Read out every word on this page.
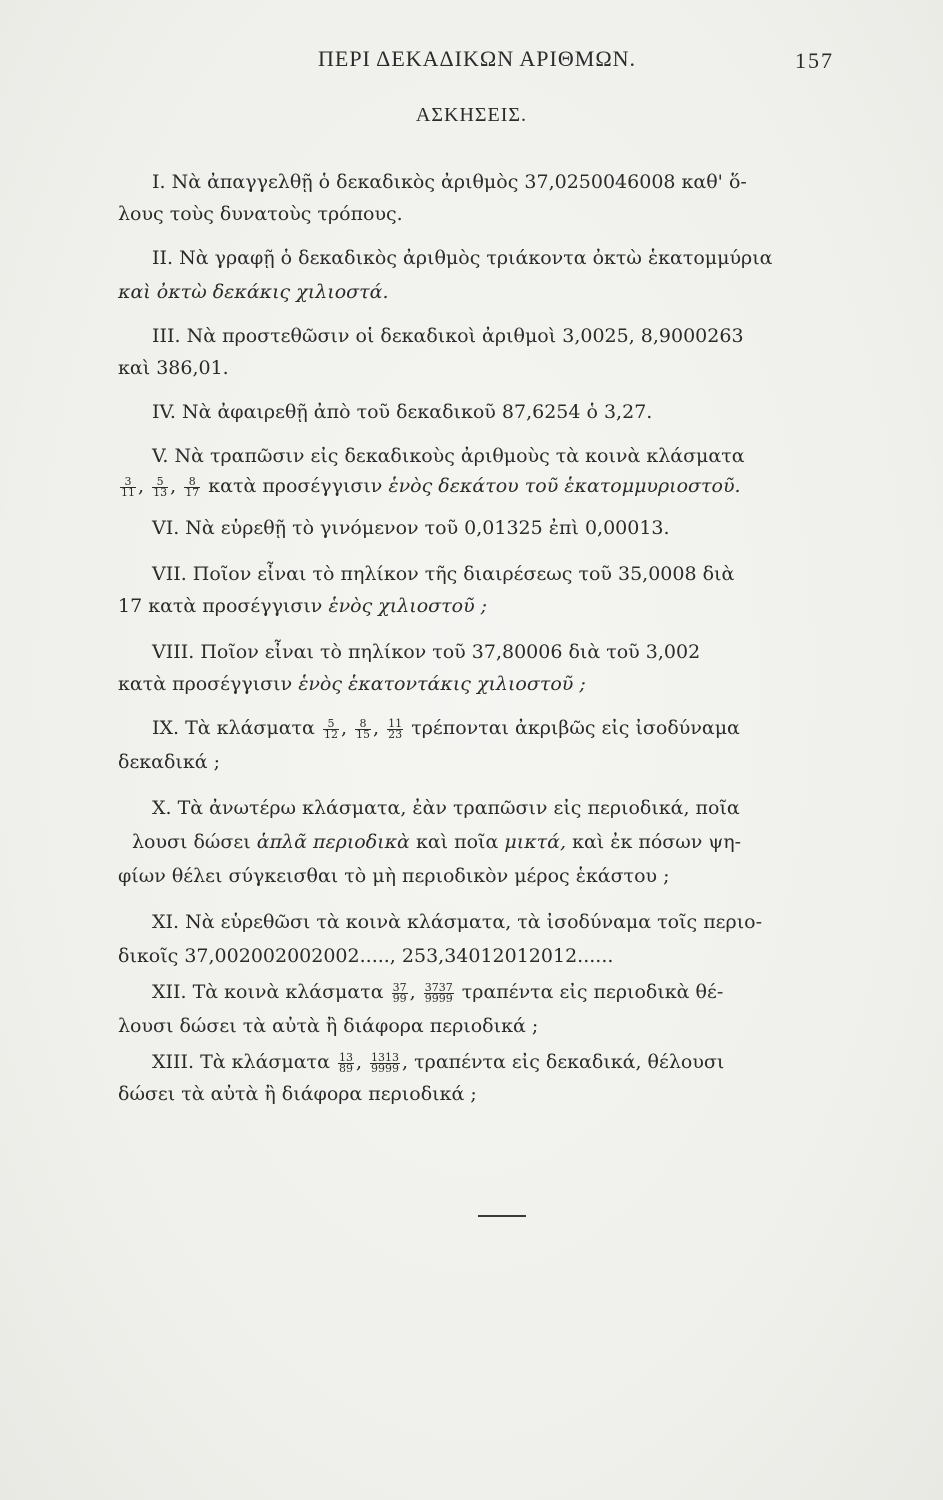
ΠΕΡΙ ΔΕΚΑΔΙΚΩΝ ΑΡΙΘΜΩΝ.	157
ΑΣΚΗΣΕΙΣ.
I. Νὰ ἀπαγγελθῇ ὁ δεκαδικὸς ἀριθμὸς 37,0250046008 καθ' ὅ-
λους τοὺς δυνατοὺς τρόπους.
II. Νὰ γραφῇ ὁ δεκαδικὸς ἀριθμὸς τριάκοντα ὀκτὼ ἑκατομμύρια
καὶ ὀκτὼ δεκάκις χιλιοστά.
III. Νὰ προστεθῶσιν οἱ δεκαδικοὶ ἀριθμοὶ 3,0025, 8,9000263
καὶ 386,01.
IV. Νὰ ἀφαιρεθῇ ἀπὸ τοῦ δεκαδικοῦ 87,6254 ὁ 3,27.
V. Νὰ τραπῶσιν εἰς δεκαδικοὺς ἀριθμοὺς τὰ κοινὰ κλάσματα
$\frac{3}{11}$ , $\frac{5}{13}$ , $\frac{8}{17}$ κατὰ προσέγγισιν ἑνὸς δεκάτου τοῦ ἑκατομμυριοστοῦ.
VI. Νὰ εὑρεθῇ τὸ γινόμενον τοῦ 0,01325 ἐπὶ 0,00013.
VII. Ποῖον εἶναι τὸ πηλίκον τῆς διαιρέσεως τοῦ 35,0008 διὰ
17 κατὰ προσέγγισιν ἑνὸς χιλιοστοῦ ;
VIII. Ποῖον εἶναι τὸ πηλίκον τοῦ 37,80006 διὰ τοῦ 3,002
κατὰ προσέγγισιν ἑνὸς ἑκατοντάκις χιλιοστοῦ ;
IX. Τὰ κλάσματα $\frac{5}{12}$ , $\frac{8}{15}$ , $\frac{11}{23}$ τρέπονται ἀκριβῶς εἰς ἰσοδύναμα
δεκαδικά ;
X. Τὰ ἀνωτέρω κλάσματα, ἐὰν τραπῶσιν εἰς περιοδικά, ποῖα
λουσι δώσει ἁπλᾶ περιοδικὰ καὶ ποῖα μικτά, καὶ ἐκ πόσων ψη-
φίων θέλει σύγκεισθαι τὸ μὴ περιοδικὸν μέρος ἑκάστου ;
XI. Νὰ εὑρεθῶσι τὰ κοινὰ κλάσματα, τὰ ἰσοδύναμα τοῖς περιο-
δικοῖς 37,002002002002....., 253,34012012012......
XII. Τὰ κοινὰ κλάσματα $\frac{37}{99}$ , $\frac{3737}{9999}$ τραπέντα εἰς περιοδικὰ θέ-
λουσι δώσει τὰ αὐτὰ ἢ διάφορα περιοδικά ;
XIII. Τὰ κλάσματα $\frac{13}{89}$ , $\frac{1313}{9999}$ , τραπέντα εἰς δεκαδικά, θέλουσι
δώσει τὰ αὐτὰ ἢ διάφορα περιοδικά ;
